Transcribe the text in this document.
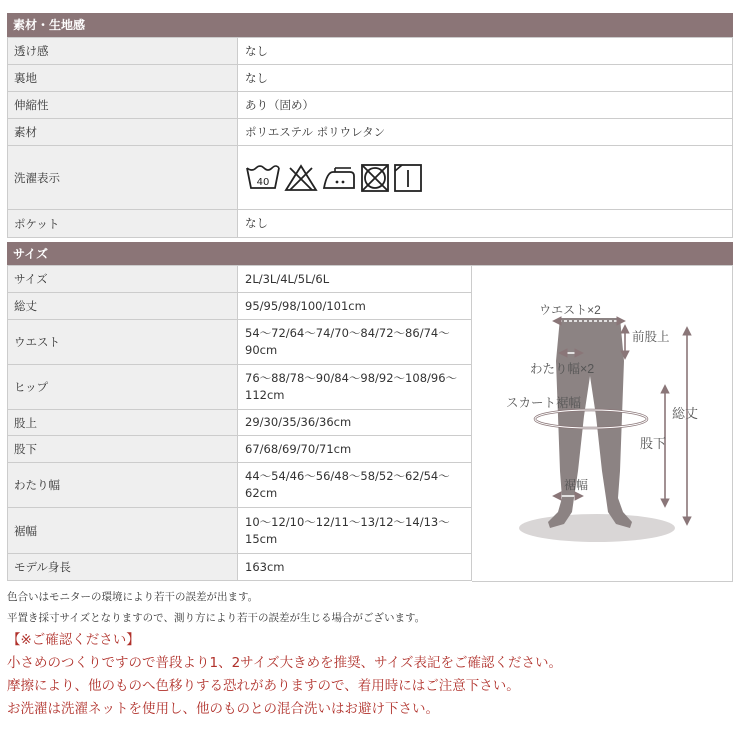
素材・生地感
透け感	なし
裏地	なし
伸縮性	あり（固め）
素材	ポリエステル ポリウレタン
洗濯表示	40

ポケット	なし
サイズ
サイズ	2L/3L/4L/5L/6L
総丈	95/95/98/100/101cm
ウエスト	54〜72/64〜74/70〜84/72〜86/74〜90cm
ヒップ	76〜88/78〜90/84〜98/92〜108/96〜112cm
股上	29/30/35/36/36cm
股下	67/68/69/70/71cm
わたり幅	44〜54/46〜56/48〜58/52〜62/54〜62cm
裾幅	10〜12/10〜12/11〜13/12〜14/13〜15cm
モデル身長	163cm
ウエスト×2
前股上
わたり幅×2
スカート裾幅
総丈
股下
裾幅
色合いはモニターの環境により若干の誤差が出ます。
平置き採寸サイズとなりますので、測り方により若干の誤差が生じる場合がございます。
【※ご確認ください】
小さめのつくりですので普段より1、2サイズ大きめを推奨、サイズ表記をご確認ください。
摩擦により、他のものへ色移りする恐れがありますので、着用時にはご注意下さい。
お洗濯は洗濯ネットを使用し、他のものとの混合洗いはお避け下さい。
